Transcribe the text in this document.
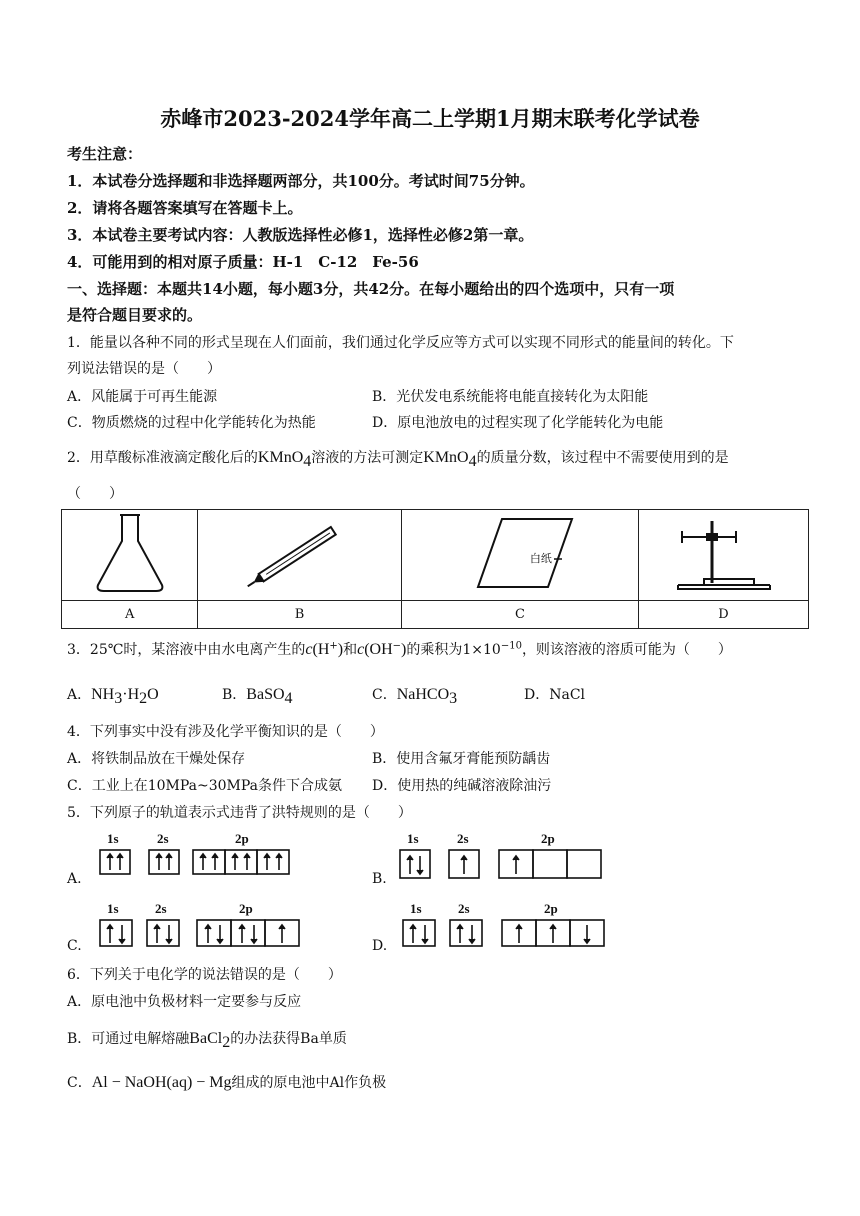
赤峰市2023-2024学年高二上学期1月期末联考化学试卷
考生注意：
1．本试卷分选择题和非选择题两部分，共100分。考试时间75分钟。
2．请将各题答案填写在答题卡上。
3．本试卷主要考试内容：人教版选择性必修1，选择性必修2第一章。
4．可能用到的相对原子质量：H-1　C-12　Fe-56
一、选择题：本题共14小题，每小题3分，共42分。在每小题给出的四个选项中，只有一项
是符合题目要求的。
1．能量以各种不同的形式呈现在人们面前，我们通过化学反应等方式可以实现不同形式的能量间的转化。下
列说法错误的是（　　）
A．风能属于可再生能源	B．光伏发电系统能将电能直接转化为太阳能
C．物质燃烧的过程中化学能转化为热能	D．原电池放电的过程实现了化学能转化为电能
2．用草酸标准液滴定酸化后的KMnO$_4$溶液的方法可测定KMnO$_4$的质量分数，该过程中不需要使用到的是
（　　）

白纸

A	B	C	D
3．25℃时，某溶液中由水电离产生的c(H+)和c(OH−)的乘积为$1\times 10^{-10}$，则该溶液的溶质可能为（　　）
A．$NH_3\cdot H_2O$	B．BaSO$_4$	C．NaHCO$_3$	D．NaCl
4．下列事实中没有涉及化学平衡知识的是（　　）
A．将铁制品放在干燥处保存	B．使用含氟牙膏能预防龋齿
C．工业上在10MPa~30MPa条件下合成氨 D．使用热的纯碱溶液除油污
5．下列原子的轨道表示式违背了洪特规则的是（　　）
A.
1s	2s	2p
B.
1s	2s	2p
C.
1s	2s	2p
D.
1s	2s	2p
6．下列关于电化学的说法错误的是（　　）
A．原电池中负极材料一定要参与反应
B．可通过电解熔融BaCl$_2$的办法获得Ba单质
C．Al − NaOH(aq) − Mg组成的原电池中Al作负极
